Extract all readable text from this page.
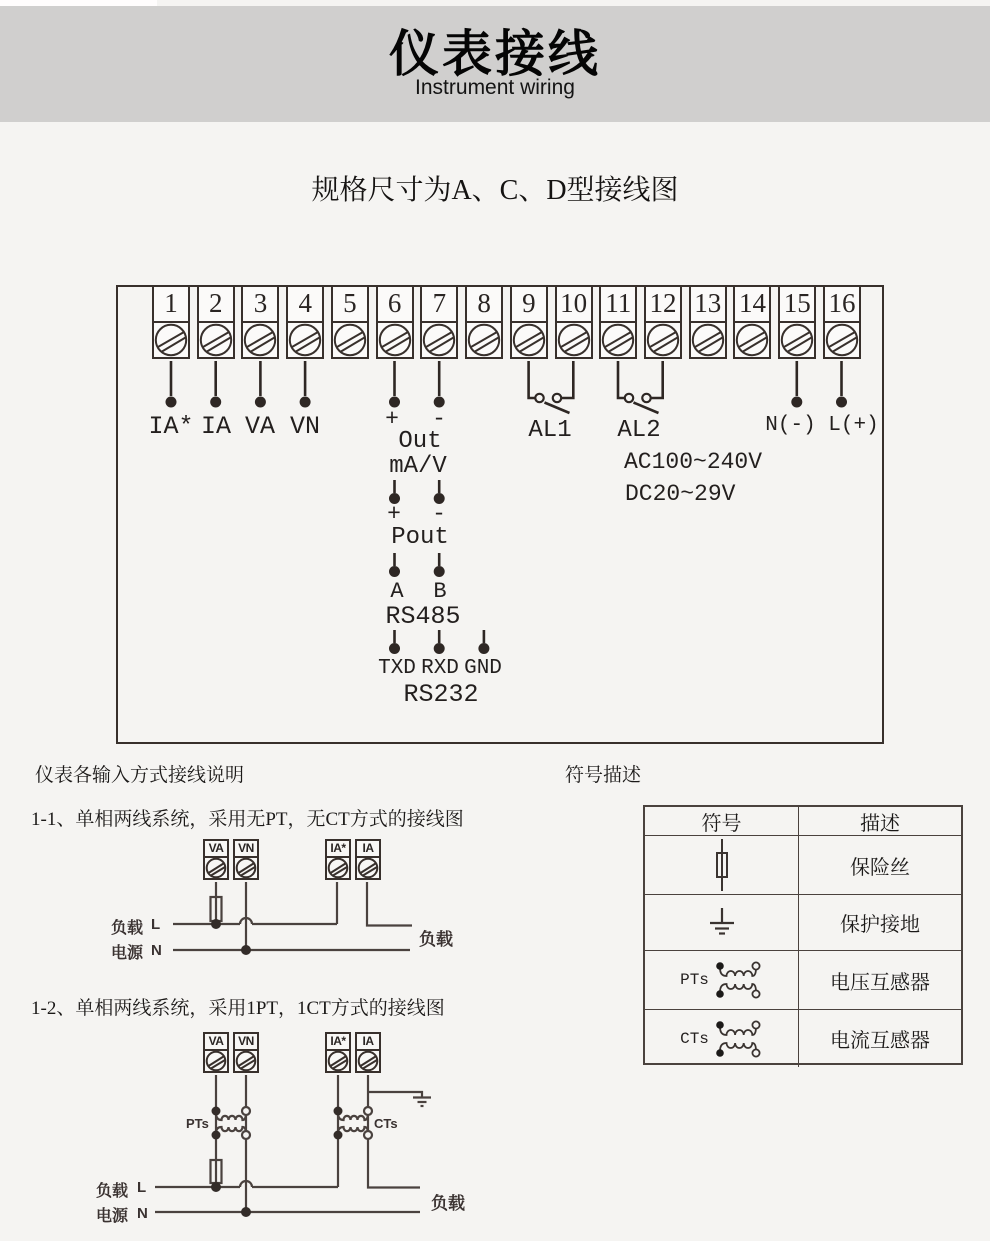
仪表接线
Instrument wiring
规格尺寸为A、C、D型接线图
1	2	3	4	5	6	7	8	9 10 11 12 13 14 15 16
IA* IA VA VN	+ -
Out
mA/V
AL1 AL2	N(-) L(+)
AC100~240V
DC20~29V
+ -
Pout
A B
RS485
TXD RXD GND
RS232
仪表各输入方式接线说明	符号描述
1-1、单相两线系统，采用无PT，无CT方式的接线图
1-2、单相两线系统，采用1PT，1CT方式的接线图
VA	VN	IA*	IA
负载 L
电源 N
负载
符号	描述
保险丝
保护接地
PTs	电压互感器
CTs	电流互感器
VA	VN	IA*	IA
PTs	CTs
负载 L
电源 N
负载
